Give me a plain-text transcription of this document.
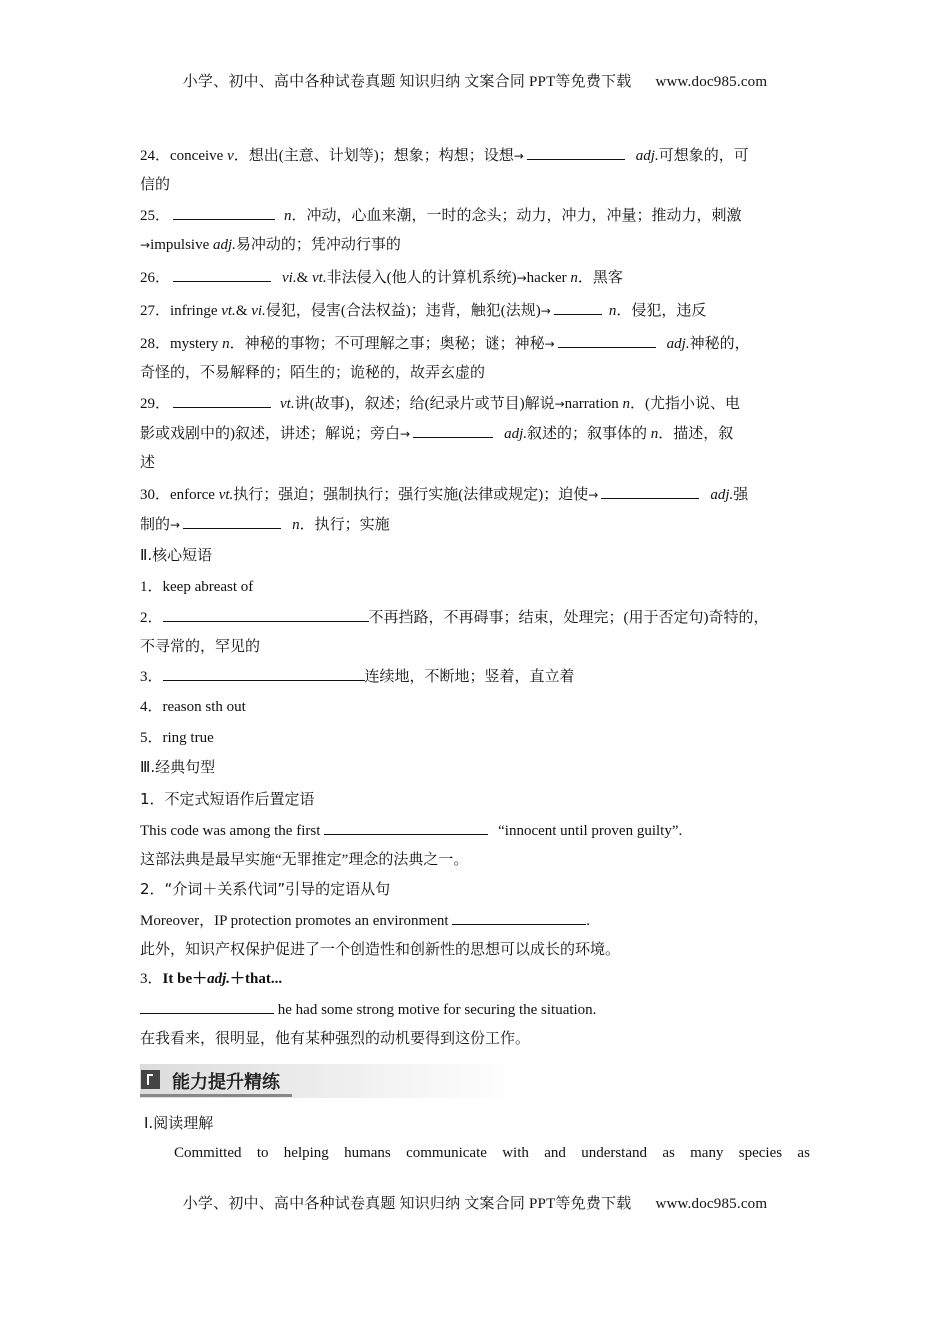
小学、初中、高中各种试卷真题 知识归纳 文案合同 PPT等免费下载 www.doc985.com
24．conceive v．想出(主意、计划等)；想象；构想；设想→	adj.可想象的，可
信的
25．	n．冲动，心血来潮，一时的念头；动力，冲力，冲量；推动力，刺激
→impulsive adj.易冲动的；凭冲动行事的
26．	vi.& vt.非法侵入(他人的计算机系统)→hacker n．黑客
27．infringe vt.& vi.侵犯，侵害(合法权益)；违背，触犯(法规)→	n．侵犯，违反
28．mystery n．神秘的事物；不可理解之事；奥秘；谜；神秘→	adj.神秘的，
奇怪的，不易解释的；陌生的；诡秘的，故弄玄虚的
29．	vt.讲(故事)，叙述；给(纪录片或节目)解说→narration n．(尤指小说、电
影或戏剧中的)叙述，讲述；解说；旁白→	adj.叙述的；叙事体的 n．描述，叙
述
30．enforce vt.执行；强迫；强制执行；强行实施(法律或规定)；迫使→	adj.强
制的→	n．执行；实施
Ⅱ.核心短语
1．keep abreast of
2．	不再挡路，不再碍事；结束，处理完；(用于否定句)奇特的，
不寻常的，罕见的
3．	连续地，不断地；竖着，直立着
4．reason sth out
5．ring true
Ⅲ.经典句型
1．不定式短语作后置定语
This code was among the first	“innocent until proven guilty”.
这部法典是最早实施“无罪推定”理念的法典之一。
2．“介词＋关系代词”引导的定语从句
Moreover，IP protection promotes an environment	.
此外，知识产权保护促进了一个创造性和创新性的思想可以成长的环境。
3．It be＋adj.＋that...
he had some strong motive for securing the situation.
在我看来，很明显，他有某种强烈的动机要得到这份工作。
能力提升精练
Ⅰ.阅读理解
Committed to helping humans communicate with and understand as many species as
小学、初中、高中各种试卷真题 知识归纳 文案合同 PPT等免费下载 www.doc985.com
